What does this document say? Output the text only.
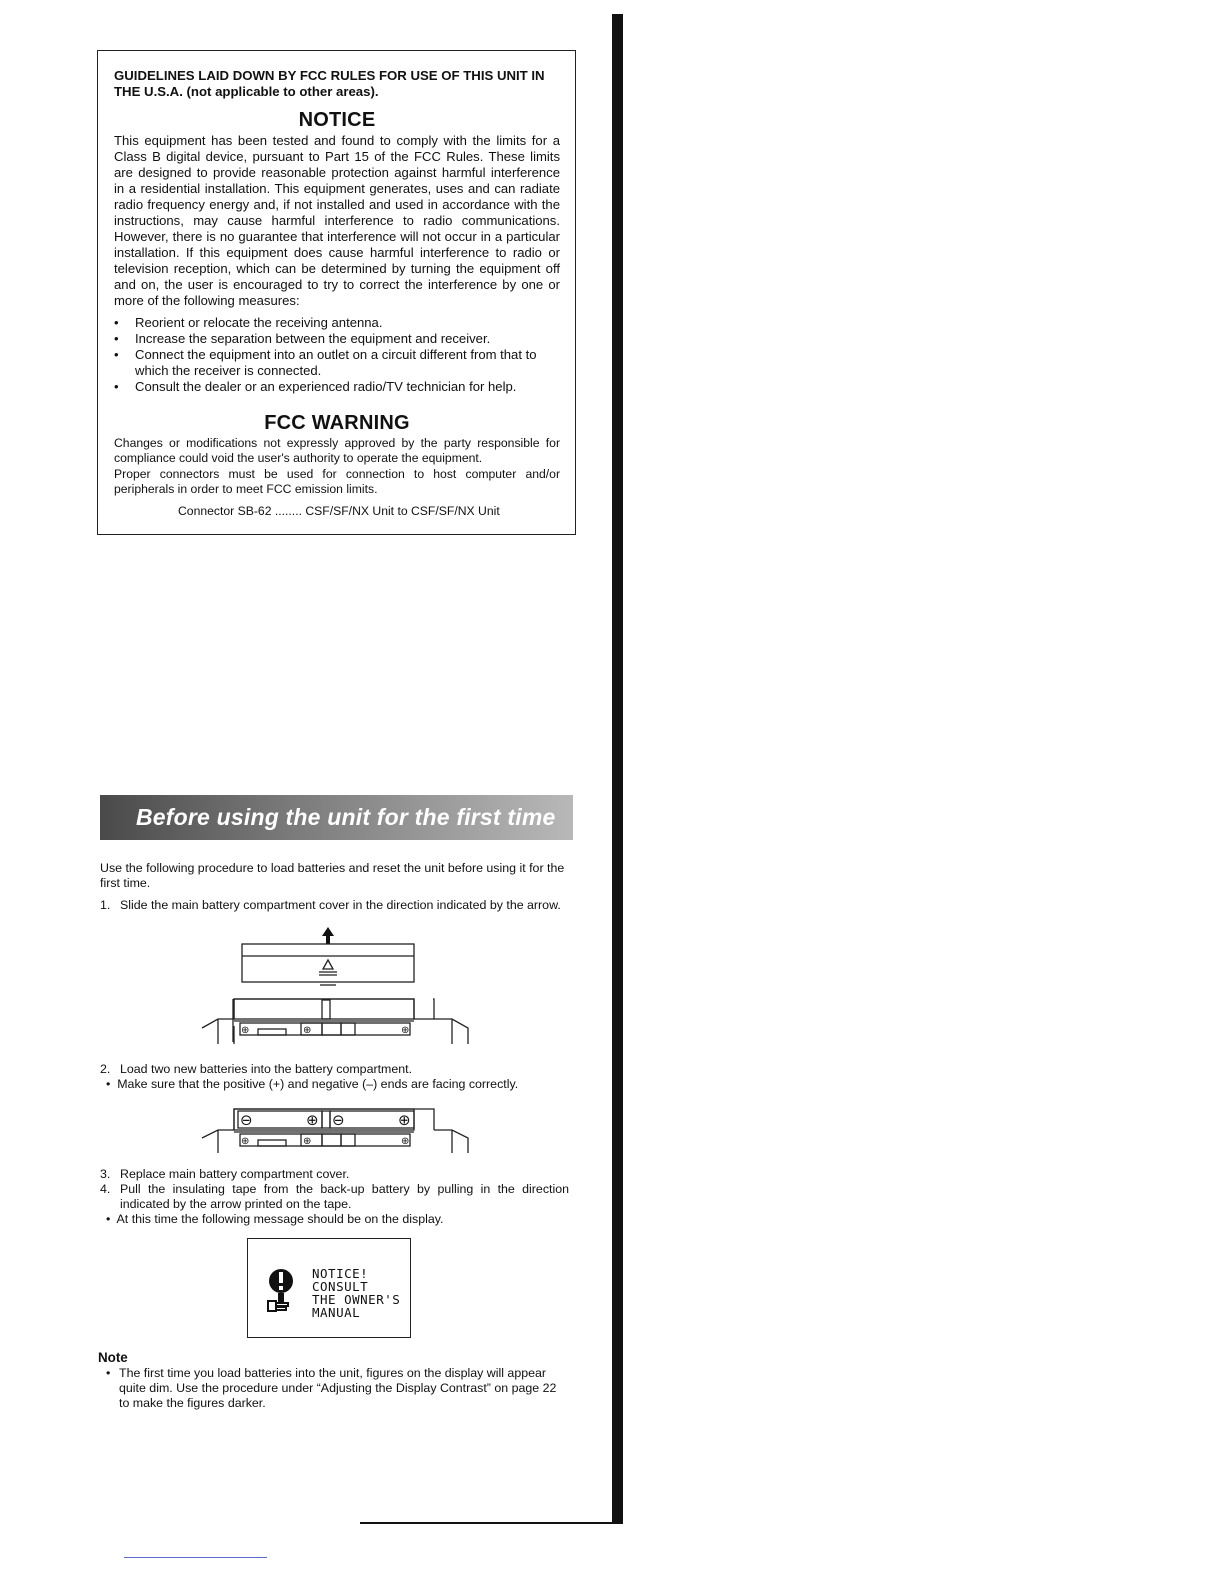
GUIDELINES LAID DOWN BY FCC RULES FOR USE OF THIS UNIT IN THE U.S.A. (not applicable to other areas).

NOTICE

This equipment has been tested and found to comply with the limits for a Class B digital device, pursuant to Part 15 of the FCC Rules. These limits are designed to provide reasonable protection against harmful interference in a residential installation. This equipment generates, uses and can radiate radio frequency energy and, if not installed and used in accordance with the instructions, may cause harmful interference to radio communications. However, there is no guarantee that interference will not occur in a particular installation. If this equipment does cause harmful interference to radio or television reception, which can be determined by turning the equipment off and on, the user is encouraged to try to correct the interference by one or more of the following measures:

• Reorient or relocate the receiving antenna.
• Increase the separation between the equipment and receiver.
• Connect the equipment into an outlet on a circuit different from that to which the receiver is connected.
• Consult the dealer or an experienced radio/TV technician for help.

FCC WARNING

Changes or modifications not expressly approved by the party responsible for compliance could void the user's authority to operate the equipment.

Proper connectors must be used for connection to host computer and/or peripherals in order to meet FCC emission limits.

Connector SB-62 ........ CSF/SF/NX Unit to CSF/SF/NX Unit

Before using the unit for the first time

Use the following procedure to load batteries and reset the unit before using it for the first time.

1. Slide the main battery compartment cover in the direction indicated by the arrow.

⊕	⊕	⊕

2. Load two new batteries into the battery compartment.

•  Make sure that the positive (+) and negative (–) ends are facing correctly.

⊖	⊕ ⊖	⊕
⊕	⊕	⊕

3. Replace main battery compartment cover.

4. Pull the insulating tape from the back-up battery by pulling in the direction indicated by the arrow printed on the tape.

•  At this time the following message should be on the display.

NOTICE!
CONSULT
THE OWNER'S
MANUAL

Note

• The first time you load batteries into the unit, figures on the display will appear quite dim. Use the procedure under “Adjusting the Display Contrast” on page 22 to make the figures darker.
